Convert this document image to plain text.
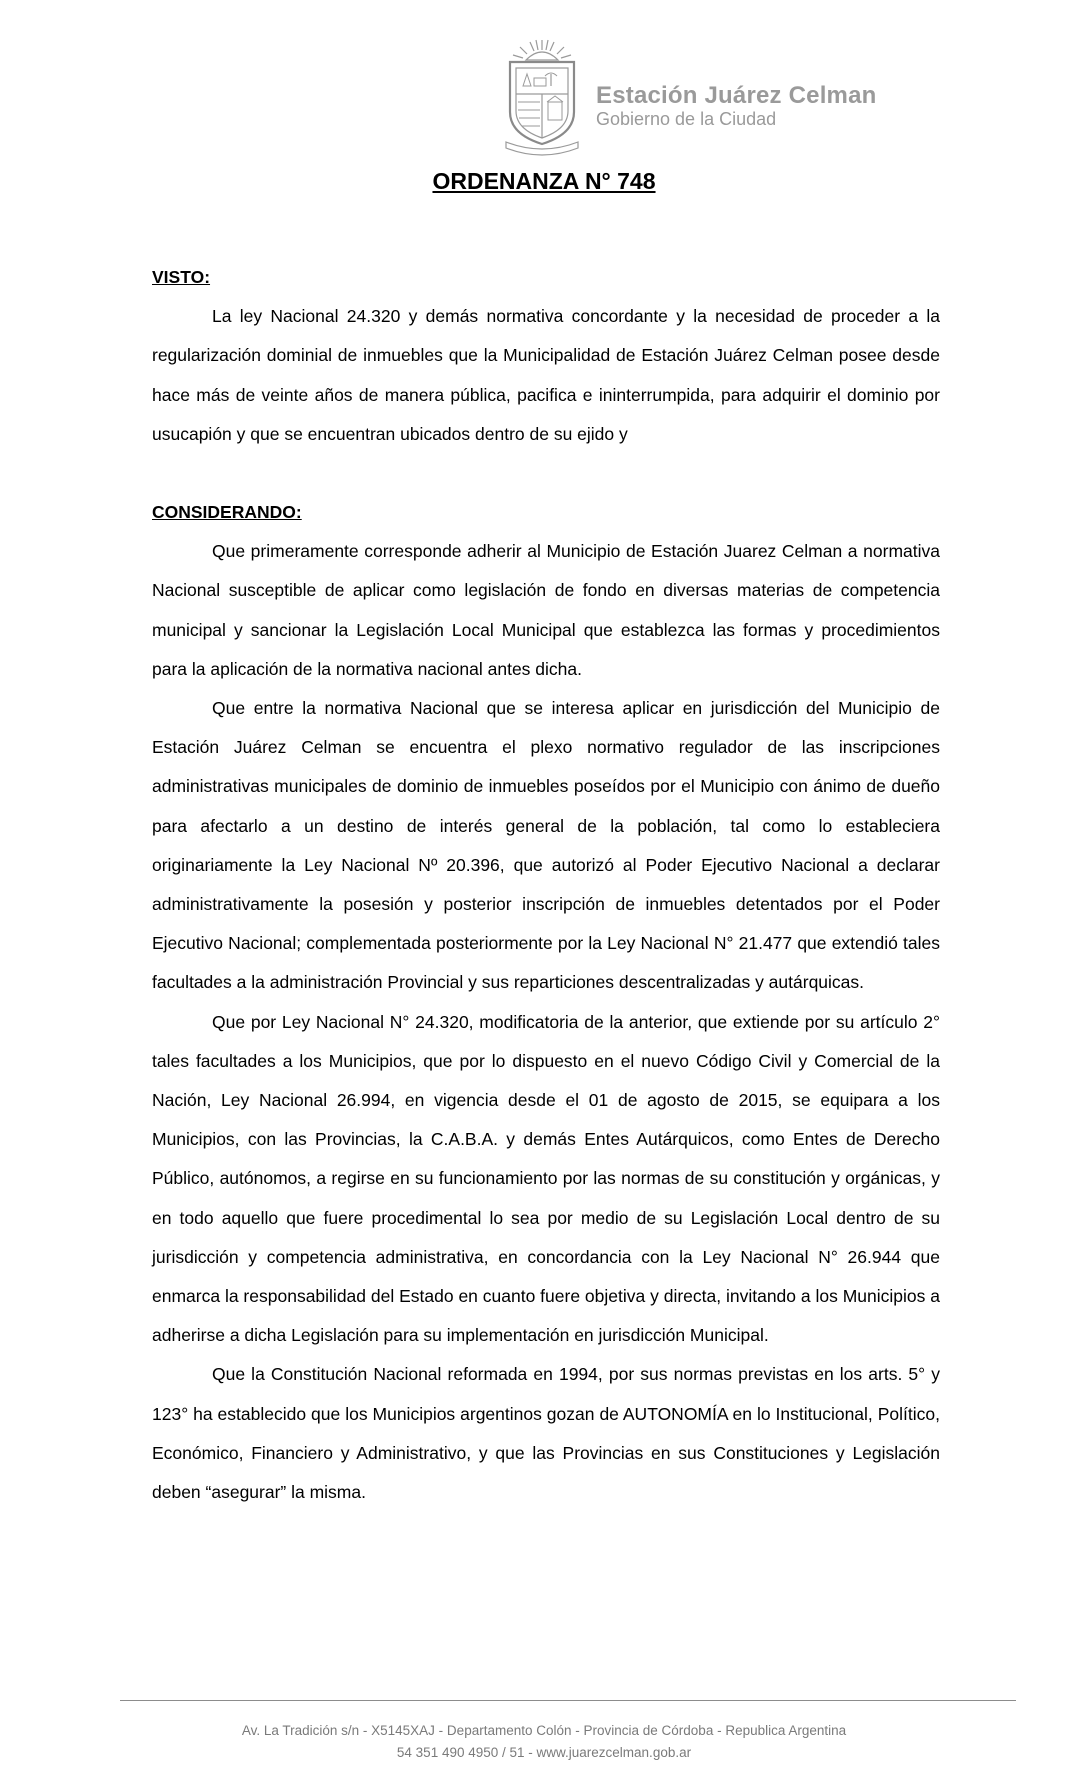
Estación Juárez Celman
Gobierno de la Ciudad
ORDENANZA N° 748
VISTO:

La ley Nacional 24.320 y demás normativa concordante y la necesidad de proceder a la regularización dominial de inmuebles que la Municipalidad de Estación Juárez Celman posee desde hace más de veinte años de manera pública, pacifica e ininterrumpida, para adquirir el dominio por usucapión y que se encuentran ubicados dentro de su ejido y

CONSIDERANDO:

Que primeramente corresponde adherir al Municipio de Estación Juarez Celman a normativa Nacional susceptible de aplicar como legislación de fondo en diversas materias de competencia municipal y sancionar la Legislación Local Municipal que establezca las formas y procedimientos para la aplicación de la normativa nacional antes dicha.

Que entre la normativa Nacional que se interesa aplicar en jurisdicción del Municipio de Estación Juárez Celman se encuentra el plexo normativo regulador de las inscripciones administrativas municipales de dominio de inmuebles poseídos por el Municipio con ánimo de dueño para afectarlo a un destino de interés general de la población, tal como lo estableciera originariamente la Ley Nacional Nº 20.396, que autorizó al Poder Ejecutivo Nacional a declarar administrativamente la posesión y posterior inscripción de inmuebles detentados por el Poder Ejecutivo Nacional; complementada posteriormente por la Ley Nacional N° 21.477 que extendió tales facultades a la administración Provincial y sus reparticiones descentralizadas y autárquicas.

Que por Ley Nacional N° 24.320, modificatoria de la anterior, que extiende por su artículo 2° tales facultades a los Municipios, que por lo dispuesto en el nuevo Código Civil y Comercial de la Nación, Ley Nacional 26.994, en vigencia desde el 01 de agosto de 2015, se equipara a los Municipios, con las Provincias, la C.A.B.A. y demás Entes Autárquicos, como Entes de Derecho Público, autónomos, a regirse en su funcionamiento por las normas de su constitución y orgánicas, y en todo aquello que fuere procedimental lo sea por medio de su Legislación Local dentro de su jurisdicción y competencia administrativa, en concordancia con la Ley Nacional N° 26.944 que enmarca la responsabilidad del Estado en cuanto fuere objetiva y directa, invitando a los Municipios a adherirse a dicha Legislación para su implementación en jurisdicción Municipal.

Que la Constitución Nacional reformada en 1994, por sus normas previstas en los arts. 5° y 123° ha establecido que los Municipios argentinos gozan de AUTONOMÍA en lo Institucional, Político, Económico, Financiero y Administrativo, y que las Provincias en sus Constituciones y Legislación deben “asegurar” la misma.

Av. La Tradición s/n - X5145XAJ - Departamento Colón - Provincia de Córdoba - Republica Argentina
54 351 490 4950 / 51 - www.juarezcelman.gob.ar
